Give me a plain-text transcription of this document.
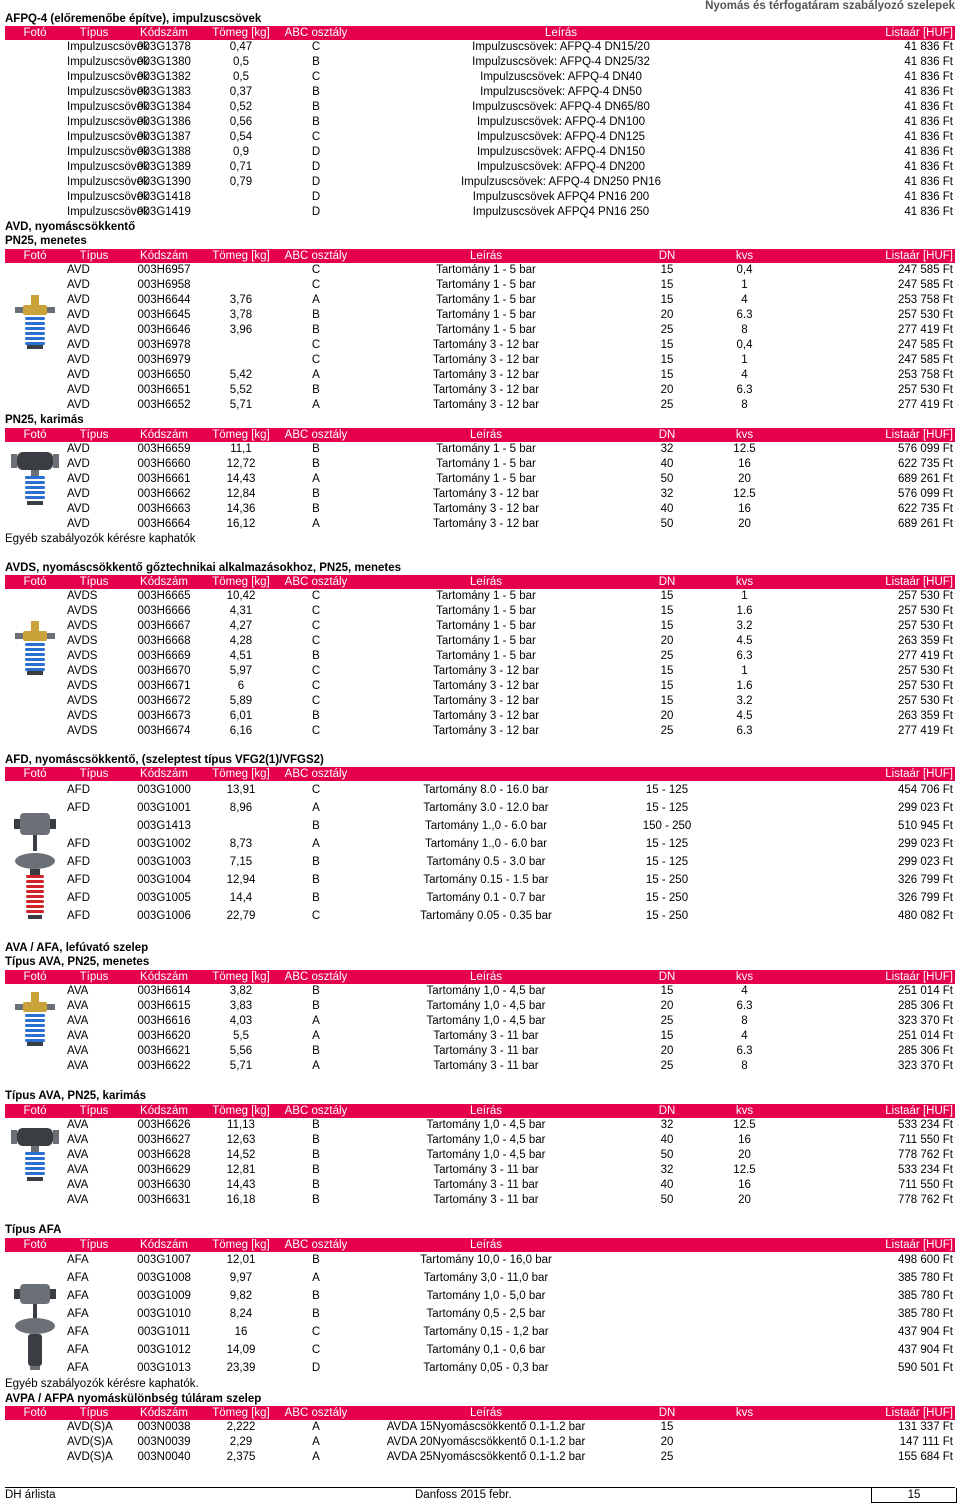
Nyomás és térfogatáram szabályozó szelepek
AFPQ-4 (előremenőbe építve), impulzuscsövek
Fotó	Típus	Kódszám	Tömeg [kg]	ABC osztály	Leírás	Listaár [HUF]
	Impulzuscsövek	003G1378	0,47	C	Impulzuscsövek: AFPQ-4 DN15/20	41 836 Ft
	Impulzuscsövek	003G1380	0,5	B	Impulzuscsövek: AFPQ-4 DN25/32	41 836 Ft
	Impulzuscsövek	003G1382	0,5	C	Impulzuscsövek: AFPQ-4 DN40	41 836 Ft
	Impulzuscsövek	003G1383	0,37	B	Impulzuscsövek: AFPQ-4 DN50	41 836 Ft
	Impulzuscsövek	003G1384	0,52	B	Impulzuscsövek: AFPQ-4 DN65/80	41 836 Ft
	Impulzuscsövek	003G1386	0,56	B	Impulzuscsövek: AFPQ-4 DN100	41 836 Ft
	Impulzuscsövek	003G1387	0,54	C	Impulzuscsövek: AFPQ-4 DN125	41 836 Ft
	Impulzuscsövek	003G1388	0,9	D	Impulzuscsövek: AFPQ-4 DN150	41 836 Ft
	Impulzuscsövek	003G1389	0,71	D	Impulzuscsövek: AFPQ-4 DN200	41 836 Ft
	Impulzuscsövek	003G1390	0,79	D	Impulzuscsövek: AFPQ-4 DN250 PN16	41 836 Ft
	Impulzuscsövek	003G1418		D	Impulzuscsövek AFPQ4 PN16 200	41 836 Ft
	Impulzuscsövek	003G1419		D	Impulzuscsövek AFPQ4 PN16 250	41 836 Ft
AVD, nyomáscsökkentő
PN25, menetes
Fotó	Típus	Kódszám	Tömeg [kg]	ABC osztály	Leírás	DN	kvs	Listaár [HUF]
	AVD	003H6957		C	Tartomány 1 - 5 bar	15	0,4	247 585 Ft
	AVD	003H6958		C	Tartomány 1 - 5 bar	15	1	247 585 Ft
	AVD	003H6644	3,76	A	Tartomány 1 - 5 bar	15	4	253 758 Ft
	AVD	003H6645	3,78	B	Tartomány 1 - 5 bar	20	6.3	257 530 Ft
	AVD	003H6646	3,96	B	Tartomány 1 - 5 bar	25	8	277 419 Ft
	AVD	003H6978		C	Tartomány 3 - 12 bar	15	0,4	247 585 Ft
	AVD	003H6979		C	Tartomány 3 - 12 bar	15	1	247 585 Ft
	AVD	003H6650	5,42	A	Tartomány 3 - 12 bar	15	4	253 758 Ft
	AVD	003H6651	5,52	B	Tartomány 3 - 12 bar	20	6.3	257 530 Ft
	AVD	003H6652	5,71	A	Tartomány 3 - 12 bar	25	8	277 419 Ft
PN25, karimás
Fotó	Típus	Kódszám	Tömeg [kg]	ABC osztály	Leírás	DN	kvs	Listaár [HUF]
	AVD	003H6659	11,1	B	Tartomány 1 - 5 bar	32	12.5	576 099 Ft
	AVD	003H6660	12,72	B	Tartomány 1 - 5 bar	40	16	622 735 Ft
	AVD	003H6661	14,43	A	Tartomány 1 - 5 bar	50	20	689 261 Ft
	AVD	003H6662	12,84	B	Tartomány 3 - 12 bar	32	12.5	576 099 Ft
	AVD	003H6663	14,36	B	Tartomány 3 - 12 bar	40	16	622 735 Ft
	AVD	003H6664	16,12	A	Tartomány 3 - 12 bar	50	20	689 261 Ft
Egyéb szabályozók kérésre kaphatók
AVDS, nyomáscsökkentő gőztechnikai alkalmazásokhoz, PN25, menetes
Fotó	Típus	Kódszám	Tömeg [kg]	ABC osztály	Leírás	DN	kvs	Listaár [HUF]
	AVDS	003H6665	10,42	C	Tartomány 1 - 5 bar	15	1	257 530 Ft
	AVDS	003H6666	4,31	C	Tartomány 1 - 5 bar	15	1.6	257 530 Ft
	AVDS	003H6667	4,27	C	Tartomány 1 - 5 bar	15	3.2	257 530 Ft
	AVDS	003H6668	4,28	C	Tartomány 1 - 5 bar	20	4.5	263 359 Ft
	AVDS	003H6669	4,51	B	Tartomány 1 - 5 bar	25	6.3	277 419 Ft
	AVDS	003H6670	5,97	C	Tartomány 3 - 12 bar	15	1	257 530 Ft
	AVDS	003H6671	6	C	Tartomány 3 - 12 bar	15	1.6	257 530 Ft
	AVDS	003H6672	5,89	C	Tartomány 3 - 12 bar	15	3.2	257 530 Ft
	AVDS	003H6673	6,01	B	Tartomány 3 - 12 bar	20	4.5	263 359 Ft
	AVDS	003H6674	6,16	C	Tartomány 3 - 12 bar	25	6.3	277 419 Ft
AFD, nyomáscsökkentő, (szeleptest típus VFG2(1)/VFGS2)
Fotó	Típus	Kódszám	Tömeg [kg]	ABC osztály				Listaár [HUF]
	AFD	003G1000	13,91	C	Tartomány 8.0 - 16.0 bar	15 - 125		454 706 Ft
	AFD	003G1001	8,96	A	Tartomány 3.0 - 12.0 bar	15 - 125		299 023 Ft
		003G1413		B	Tartomány 1.,0 - 6.0 bar	150 - 250		510 945 Ft
	AFD	003G1002	8,73	A	Tartomány 1.,0 - 6.0 bar	15 - 125		299 023 Ft
	AFD	003G1003	7,15	B	Tartomány 0.5 - 3.0 bar	15 - 125		299 023 Ft
	AFD	003G1004	12,94	B	Tartomány 0.15 - 1.5 bar	15 - 250		326 799 Ft
	AFD	003G1005	14,4	B	Tartomány 0.1 - 0.7 bar	15 - 250		326 799 Ft
	AFD	003G1006	22,79	C	Tartomány 0.05 - 0.35 bar	15 - 250		480 082 Ft
AVA / AFA, lefúvató szelep
Típus AVA, PN25, menetes
Fotó	Típus	Kódszám	Tömeg [kg]	ABC osztály	Leírás	DN	kvs	Listaár [HUF]
	AVA	003H6614	3,82	B	Tartomány 1,0 - 4,5 bar	15	4	251 014 Ft
	AVA	003H6615	3,83	B	Tartomány 1,0 - 4,5 bar	20	6.3	285 306 Ft
	AVA	003H6616	4,03	A	Tartomány 1,0 - 4,5 bar	25	8	323 370 Ft
	AVA	003H6620	5,5	A	Tartomány 3 - 11 bar	15	4	251 014 Ft
	AVA	003H6621	5,56	B	Tartomány 3 - 11 bar	20	6.3	285 306 Ft
	AVA	003H6622	5,71	A	Tartomány 3 - 11 bar	25	8	323 370 Ft
Típus AVA, PN25, karimás
Fotó	Típus	Kódszám	Tömeg [kg]	ABC osztály	Leírás	DN	kvs	Listaár [HUF]
	AVA	003H6626	11,13	B	Tartomány 1,0 - 4,5 bar	32	12.5	533 234 Ft
	AVA	003H6627	12,63	B	Tartomány 1,0 - 4,5 bar	40	16	711 550 Ft
	AVA	003H6628	14,52	B	Tartomány 1,0 - 4,5 bar	50	20	778 762 Ft
	AVA	003H6629	12,81	B	Tartomány 3 - 11 bar	32	12.5	533 234 Ft
	AVA	003H6630	14,43	B	Tartomány 3 - 11 bar	40	16	711 550 Ft
	AVA	003H6631	16,18	B	Tartomány 3 - 11 bar	50	20	778 762 Ft
Típus AFA
Fotó	Típus	Kódszám	Tömeg [kg]	ABC osztály	Leírás			Listaár [HUF]
	AFA	003G1007	12,01	B	Tartomány 10,0 - 16,0 bar			498 600 Ft
	AFA	003G1008	9,97	A	Tartomány 3,0 - 11,0 bar			385 780 Ft
	AFA	003G1009	9,82	B	Tartomány 1,0 - 5,0 bar			385 780 Ft
	AFA	003G1010	8,24	B	Tartomány 0,5 - 2,5 bar			385 780 Ft
	AFA	003G1011	16	C	Tartomány 0,15 - 1,2 bar			437 904 Ft
	AFA	003G1012	14,09	C	Tartomány 0,1 - 0,6 bar			437 904 Ft
	AFA	003G1013	23,39	D	Tartomány 0,05 - 0,3 bar			590 501 Ft
Egyéb szabályozók kérésre kaphatók.
AVPA / AFPA nyomáskülönbség túláram szelep
Fotó	Típus	Kódszám	Tömeg [kg]	ABC osztály	Leírás	DN	kvs	Listaár [HUF]
	AVD(S)A	003N0038	2,222	A	AVDA 15Nyomáscsökkentő 0.1-1.2 bar	15		131 337 Ft
	AVD(S)A	003N0039	2,29	A	AVDA 20Nyomáscsökkentő 0.1-1.2 bar	20		147 111 Ft
	AVD(S)A	003N0040	2,375	A	AVDA 25Nyomáscsökkentő 0.1-1.2 bar	25		155 684 Ft
DH árlista	Danfoss 2015 febr.	15
